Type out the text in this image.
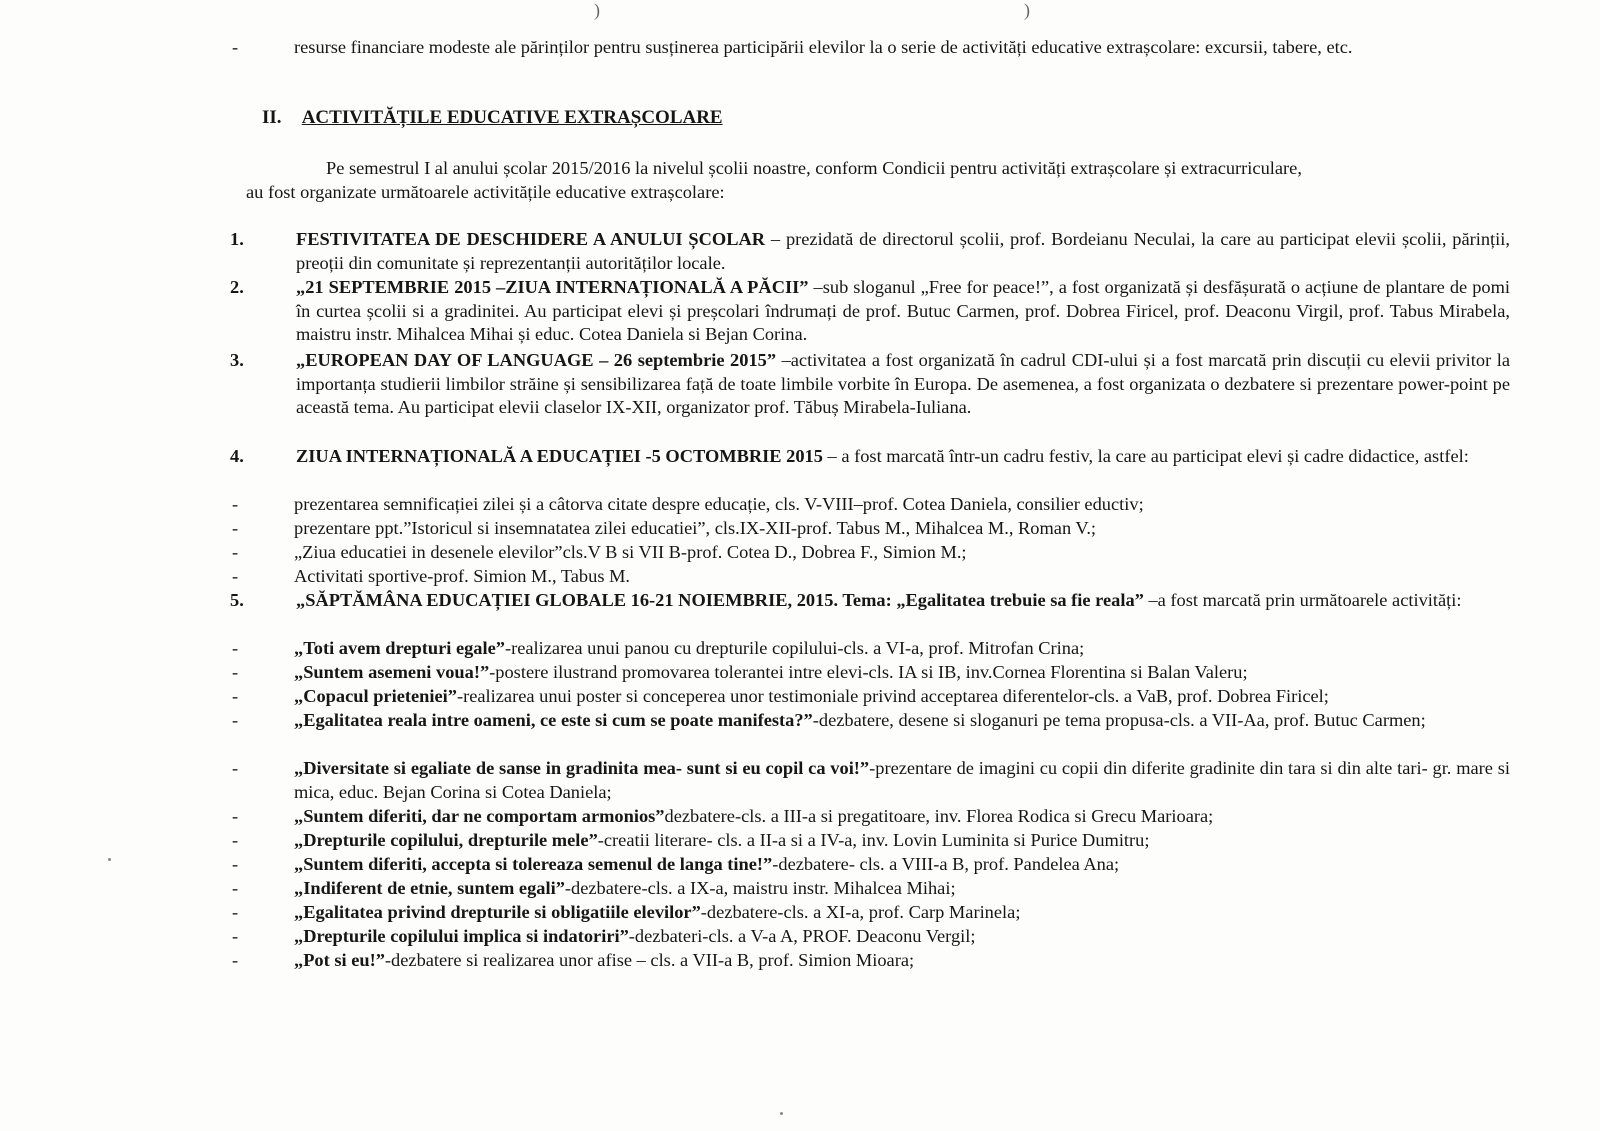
)	)
-	resurse financiare modeste ale părinților pentru susținerea participării elevilor la o serie de activități educative extrașcolare: excursii, tabere, etc.
II. ACTIVITĂȚILE EDUCATIVE EXTRAȘCOLARE
Pe semestrul I al anului școlar 2015/2016 la nivelul școlii noastre, conform Condicii pentru activități extrașcolare și extracurriculare,
au fost organizate următoarele activitățile educative extrașcolare:
1.	FESTIVITATEA DE DESCHIDERE A ANULUI ȘCOLAR – prezidată de directorul școlii, prof. Bordeianu Neculai, la care au participat elevii școlii, părinții, preoții din comunitate și reprezentanții autorităților locale.
2.	„21 SEPTEMBRIE 2015 –ZIUA INTERNAȚIONALĂ A PĂCII” –sub sloganul „Free for peace!”, a fost organizată și desfășurată o acțiune de plantare de pomi în curtea școlii si a gradinitei. Au participat elevi și preșcolari îndrumați de prof. Butuc Carmen, prof. Dobrea Firicel, prof. Deaconu Virgil, prof. Tabus Mirabela, maistru instr. Mihalcea Mihai și educ. Cotea Daniela si Bejan Corina.
3.	„EUROPEAN DAY OF LANGUAGE – 26 septembrie 2015” –activitatea a fost organizată în cadrul CDI-ului și a fost marcată prin discuții cu elevii privitor la importanța studierii limbilor străine și sensibilizarea față de toate limbile vorbite în Europa. De asemenea, a fost organizata o dezbatere si prezentare power-point pe această tema. Au participat elevii claselor IX-XII, organizator prof. Tăbuș Mirabela-Iuliana.
4.	ZIUA INTERNAȚIONALĂ A EDUCAȚIEI -5 OCTOMBRIE 2015 – a fost marcată într-un cadru festiv, la care au participat elevi și cadre didactice, astfel:
-	prezentarea semnificației zilei și a câtorva citate despre educație, cls. V-VIII–prof. Cotea Daniela, consilier eductiv;
-	prezentare ppt.”Istoricul si insemnatatea zilei educatiei”, cls.IX-XII-prof. Tabus M., Mihalcea M., Roman V.;
-	„Ziua educatiei in desenele elevilor”cls.V B si VII B-prof. Cotea D., Dobrea F., Simion M.;
-	Activitati sportive-prof. Simion M., Tabus M.
5.	„SĂPTĂMÂNA EDUCAȚIEI GLOBALE 16-21 NOIEMBRIE, 2015. Tema: „Egalitatea trebuie sa fie reala” –a fost marcată prin următoarele activități:
-	„Toti avem drepturi egale”-realizarea unui panou cu drepturile copilului-cls. a VI-a, prof. Mitrofan Crina;
-	„Suntem asemeni voua!”-postere ilustrand promovarea tolerantei intre elevi-cls. IA si IB, inv.Cornea Florentina si Balan Valeru;
-	„Copacul prieteniei”-realizarea unui poster si conceperea unor testimoniale privind acceptarea diferentelor-cls. a VaB, prof. Dobrea Firicel;
-	„Egalitatea reala intre oameni, ce este si cum se poate manifesta?”-dezbatere, desene si sloganuri pe tema propusa-cls. a VII-Aa, prof. Butuc Carmen;
-	„Diversitate si egaliate de sanse in gradinita mea- sunt si eu copil ca voi!”-prezentare de imagini cu copii din diferite gradinite din tara si din alte tari- gr. mare si mica, educ. Bejan Corina si Cotea Daniela;
-	„Suntem diferiti, dar ne comportam armonios”dezbatere-cls. a III-a si pregatitoare, inv. Florea Rodica si Grecu Marioara;
-	„Drepturile copilului, drepturile mele”-creatii literare- cls. a II-a si a IV-a, inv. Lovin Luminita si Purice Dumitru;
-	„Suntem diferiti, accepta si tolereaza semenul de langa tine!”-dezbatere- cls. a VIII-a B, prof. Pandelea Ana;
-	„Indiferent de etnie, suntem egali”-dezbatere-cls. a IX-a, maistru instr. Mihalcea Mihai;
-	„Egalitatea privind drepturile si obligatiile elevilor”-dezbatere-cls. a XI-a, prof. Carp Marinela;
-	„Drepturile copilului implica si indatoriri”-dezbateri-cls. a V-a A, PROF. Deaconu Vergil;
-	„Pot si eu!”-dezbatere si realizarea unor afise – cls. a VII-a B, prof. Simion Mioara;
